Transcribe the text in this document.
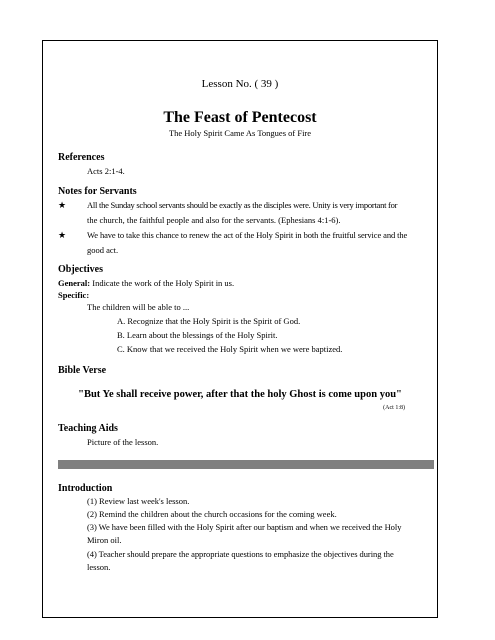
Lesson No. ( 39 )
The Feast of Pentecost
The Holy Spirit Came As Tongues of Fire
References
Acts 2:1-4.
Notes for Servants
★ All the Sunday school servants should be exactly as the disciples were. Unity is very important for
the church, the faithful people and also for the servants. (Ephesians 4:1-6).
★ We have to take this chance to renew the act of the Holy Spirit in both the fruitful service and the
good act.
Objectives
General: Indicate the work of the Holy Spirit in us.
Specific:
The children will be able to ...
A. Recognize that the Holy Spirit is the Spirit of God.
B. Learn about the blessings of the Holy Spirit.
C. Know that we received the Holy Spirit when we were baptized.
Bible Verse
"But Ye shall receive power, after that the holy Ghost is come upon you"
(Act 1:8)
Teaching Aids
Picture of the lesson.
Introduction
(1) Review last week's lesson.
(2) Remind the children about the church occasions for the coming week.
(3) We have been filled with the Holy Spirit after our baptism and when we received the Holy
Miron oil.
(4) Teacher should prepare the appropriate questions to emphasize the objectives during the
lesson.
